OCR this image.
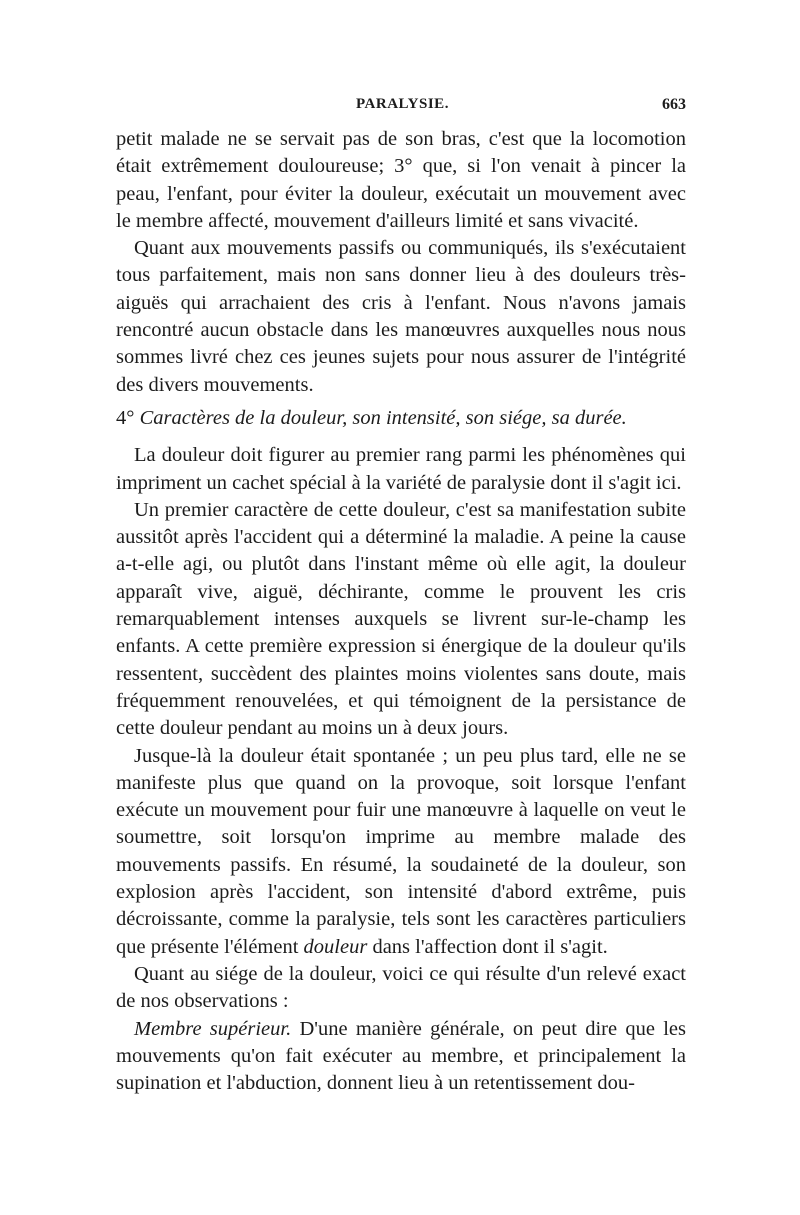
PARALYSIE.	663

petit malade ne se servait pas de son bras, c'est que la locomotion était extrêmement douloureuse; 3° que, si l'on venait à pincer la peau, l'enfant, pour éviter la douleur, exécutait un mouvement avec le membre affecté, mouvement d'ailleurs limité et sans vivacité.

Quant aux mouvements passifs ou communiqués, ils s'exécutaient tous parfaitement, mais non sans donner lieu à des douleurs très-aiguës qui arrachaient des cris à l'enfant. Nous n'avons jamais rencontré aucun obstacle dans les manœuvres auxquelles nous nous sommes livré chez ces jeunes sujets pour nous assurer de l'intégrité des divers mouvements.

4° Caractères de la douleur, son intensité, son siége, sa durée.

La douleur doit figurer au premier rang parmi les phénomènes qui impriment un cachet spécial à la variété de paralysie dont il s'agit ici.

Un premier caractère de cette douleur, c'est sa manifestation subite aussitôt après l'accident qui a déterminé la maladie. A peine la cause a-t-elle agi, ou plutôt dans l'instant même où elle agit, la douleur apparaît vive, aiguë, déchirante, comme le prouvent les cris remarquablement intenses auxquels se livrent sur-le-champ les enfants. A cette première expression si énergique de la douleur qu'ils ressentent, succèdent des plaintes moins violentes sans doute, mais fréquemment renouvelées, et qui témoignent de la persistance de cette douleur pendant au moins un à deux jours.

Jusque-là la douleur était spontanée ; un peu plus tard, elle ne se manifeste plus que quand on la provoque, soit lorsque l'enfant exécute un mouvement pour fuir une manœuvre à laquelle on veut le soumettre, soit lorsqu'on imprime au membre malade des mouvements passifs. En résumé, la soudaineté de la douleur, son explosion après l'accident, son intensité d'abord extrême, puis décroissante, comme la paralysie, tels sont les caractères particuliers que présente l'élément douleur dans l'affection dont il s'agit.

Quant au siége de la douleur, voici ce qui résulte d'un relevé exact de nos observations :

Membre supérieur. D'une manière générale, on peut dire que les mouvements qu'on fait exécuter au membre, et principalement la supination et l'abduction, donnent lieu à un retentissement dou-
